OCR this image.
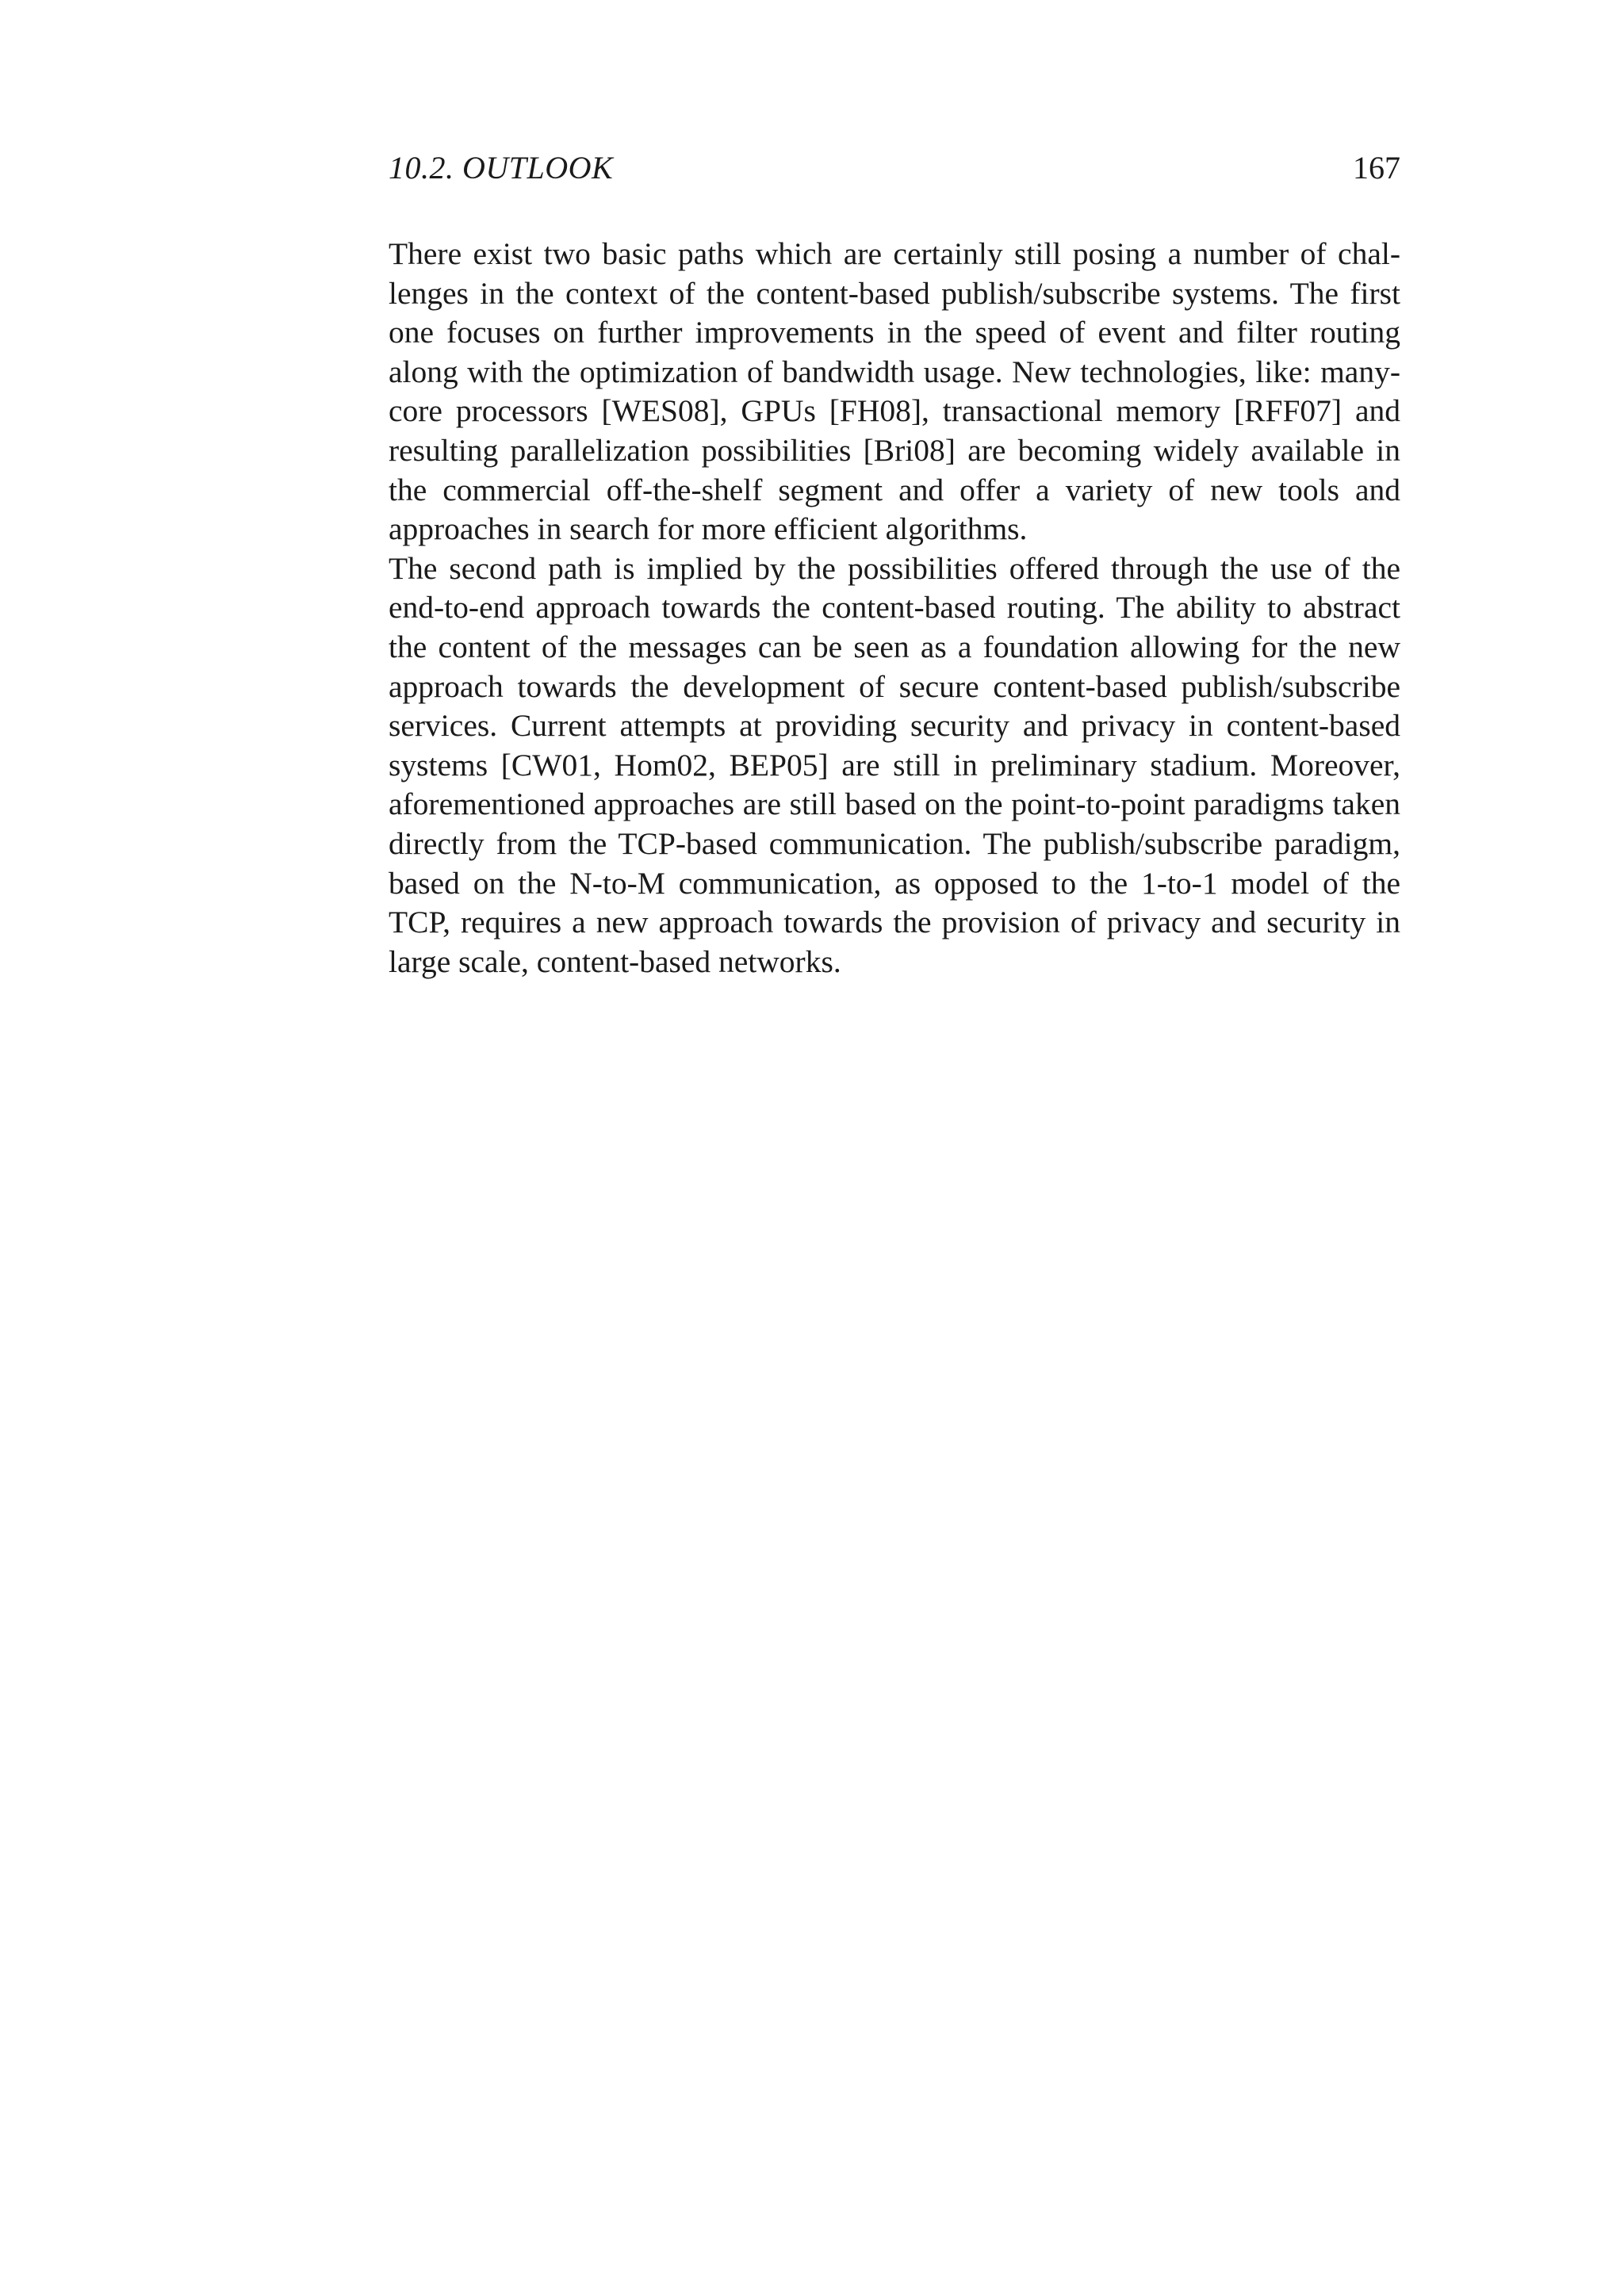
10.2. OUTLOOK	167

There exist two basic paths which are certainly still posing a number of challenges in the context of the content-based publish/subscribe systems. The first one focuses on further improvements in the speed of event and filter routing along with the optimization of bandwidth usage. New technologies, like: many-core processors [WES08], GPUs [FH08], transactional memory [RFF07] and resulting parallelization possibilities [Bri08] are becoming widely available in the commercial off-the-shelf segment and offer a variety of new tools and approaches in search for more efficient algorithms.

The second path is implied by the possibilities offered through the use of the end-to-end approach towards the content-based routing. The ability to abstract the content of the messages can be seen as a foundation allowing for the new approach towards the development of secure content-based publish/subscribe services. Current attempts at providing security and privacy in content-based systems [CW01, Hom02, BEP05] are still in preliminary stadium. Moreover, aforementioned approaches are still based on the point-to-point paradigms taken directly from the TCP-based communication. The publish/subscribe paradigm, based on the N-to-M communication, as opposed to the 1-to-1 model of the TCP, requires a new approach towards the provision of privacy and security in large scale, content-based networks.
